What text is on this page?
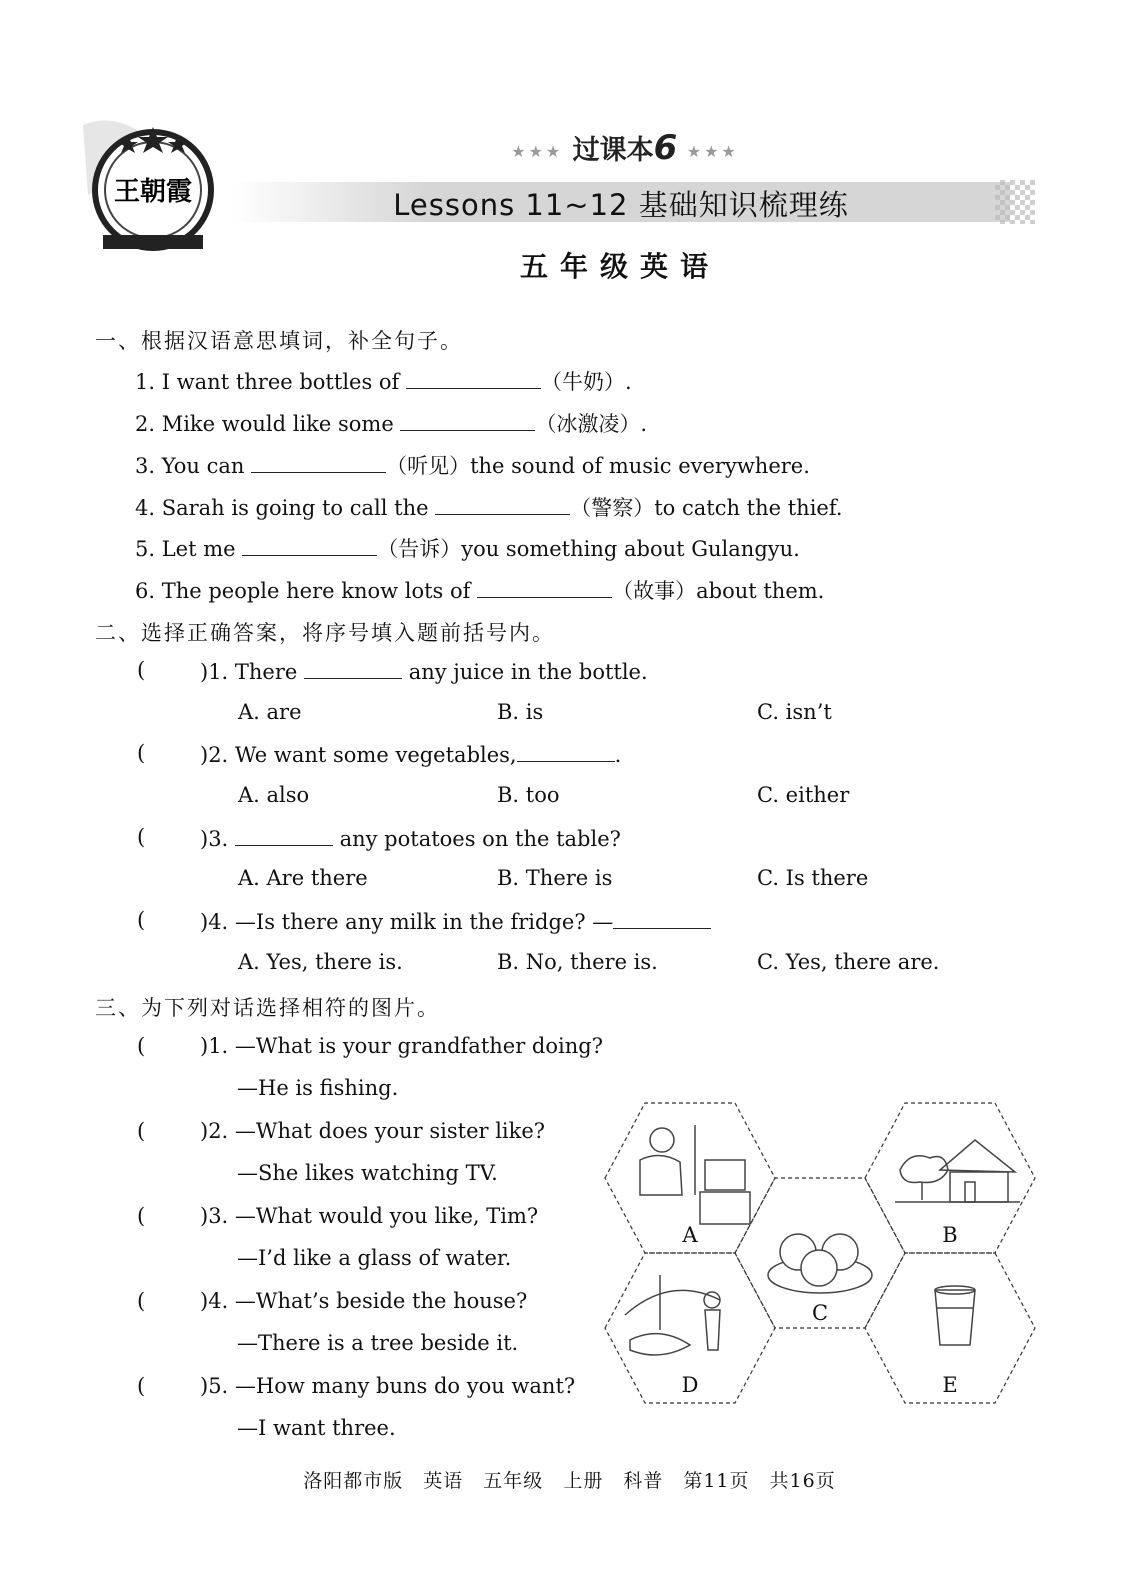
王朝霞
★★★ 过课本6 ★★★
Lessons 11~12 基础知识梳理练
五年级英语
一、根据汉语意思填词，补全句子。
1. I want three bottles of	（牛奶）.
2. Mike would like some	（冰激凌）.
3. You can	（听见）the sound of music everywhere.
4. Sarah is going to call the	（警察）to catch the thief.
5. Let me	（告诉）you something about Gulangyu.
6. The people here know lots of	（故事）about them.
二、选择正确答案，将序号填入题前括号内。
(	)1. There	any juice in the bottle.
A. are	B. is	C. isn’t
(	)2. We want some vegetables,	.
A. also	B. too	C. either
(	)3.	any potatoes on the table?
A. Are there	B. There is	C. Is there
(	)4. —Is there any milk in the fridge? —
A. Yes, there is.	B. No, there is.	C. Yes, there are.
三、为下列对话选择相符的图片。
(	)1. —What is your grandfather doing?
—He is fishing.
(	)2. —What does your sister like?
—She likes watching TV.
(	)3. —What would you like, Tim?
—I’d like a glass of water.
(	)4. —What’s beside the house?
—There is a tree beside it.
(	)5. —How many buns do you want?
—I want three.
A	B
C
D	E
洛阳都市版 英语 五年级 上册 科普 第11页 共16页
